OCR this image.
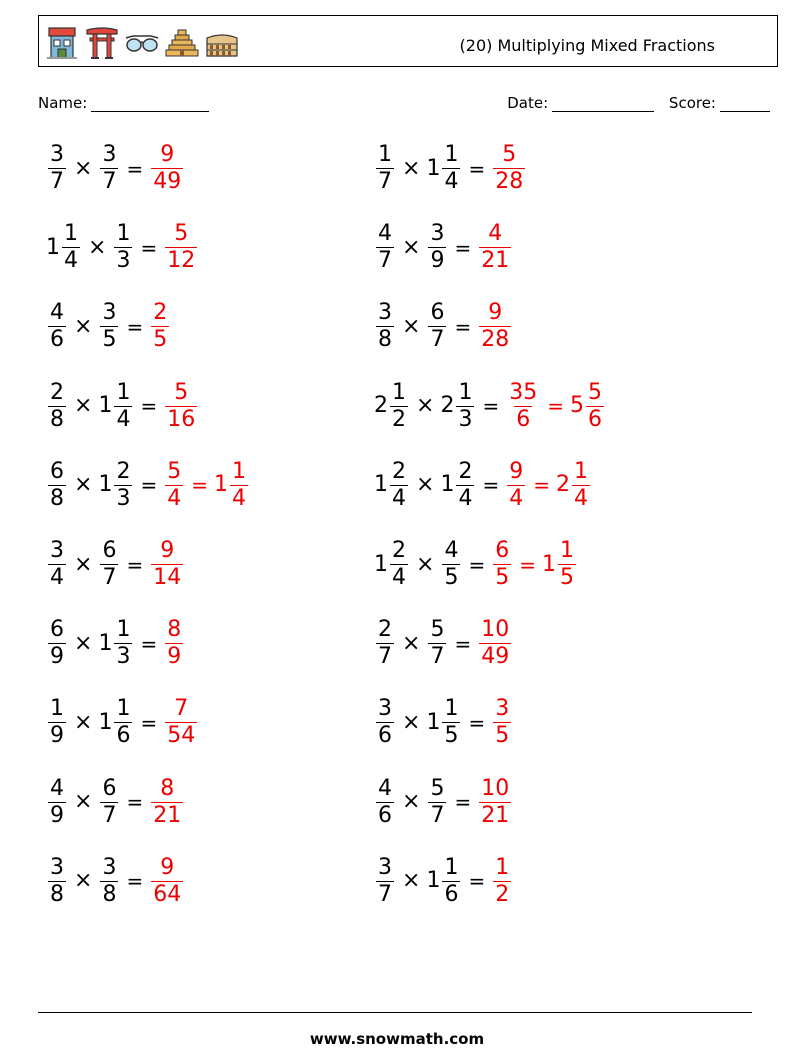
(20) Multiplying Mixed Fractions
Name:	Date:	Score:
$\frac{3}{7} \times \frac{3}{7} = \frac{9}{49}$	$\frac{1}{7} \times 1 \frac{1}{4} = \frac{5}{28}$
$1 \frac{1}{4} \times \frac{1}{3} = \frac{5}{12}$	$\frac{4}{7} \times \frac{3}{9} = \frac{4}{21}$
$\frac{4}{6} \times \frac{3}{5} = \frac{2}{5}$	$\frac{3}{8} \times \frac{6}{7} = \frac{9}{28}$
$\frac{2}{8} \times 1 \frac{1}{4} = \frac{5}{16}$	$2 \frac{1}{2} \times 2 \frac{1}{3} = \frac{35}{6} = 5 \frac{5}{6}$
$\frac{6}{8} \times 1 \frac{2}{3} = \frac{5}{4} = 1 \frac{1}{4}$	$1 \frac{2}{4} \times 1 \frac{2}{4} = \frac{9}{4} = 2 \frac{1}{4}$
$\frac{3}{4} \times \frac{6}{7} = \frac{9}{14}$	$1 \frac{2}{4} \times \frac{4}{5} = \frac{6}{5} = 1 \frac{1}{5}$
$\frac{6}{9} \times 1 \frac{1}{3} = \frac{8}{9}$	$\frac{2}{7} \times \frac{5}{7} = \frac{10}{49}$
$\frac{1}{9} \times 1 \frac{1}{6} = \frac{7}{54}$	$\frac{3}{6} \times 1 \frac{1}{5} = \frac{3}{5}$
$\frac{4}{9} \times \frac{6}{7} = \frac{8}{21}$	$\frac{4}{6} \times \frac{5}{7} = \frac{10}{21}$
$\frac{3}{8} \times \frac{3}{8} = \frac{9}{64}$	$\frac{3}{7} \times 1 \frac{1}{6} = \frac{1}{2}$
www.snowmath.com
